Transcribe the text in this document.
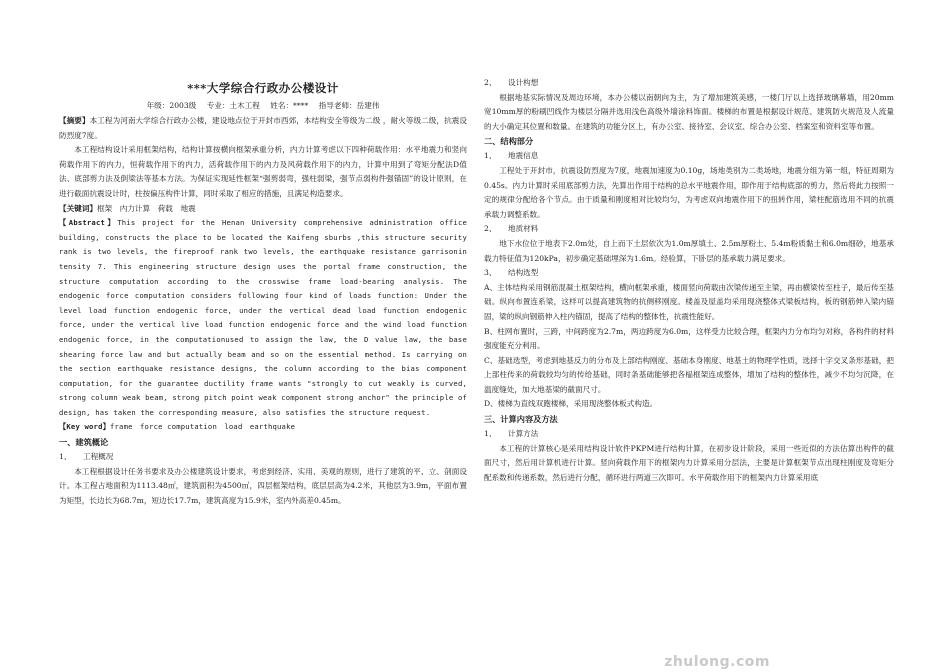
***大学综合行政办公楼设计
年级：2003级 专业：土木工程 姓名：**** 指导老师：岳建伟

【摘要】本工程为河南大学综合行政办公楼，建设地点位于开封市西郊，本结构安全等级为二级 ，耐火等级二级，抗震设防烈度7度。

本工程结构设计采用框架结构，结构计算按横向框架承重分析，内力计算考虑以下四种荷载作用：水平地震力和竖向荷载作用下的内力，恒荷载作用下的内力，活荷载作用下的内力及风荷载作用下的内力，计算中用到了弯矩分配法D值法、底部剪力法及倒梁法等基本方法。为保证实现延性框架“强剪弱弯，强柱弱梁，强节点弱构件强锚固”的设计原则，在进行截面抗震设计时，柱按偏压构件计算，同时采取了相应的措施，且满足构造要求。

【关键词】框架　内力计算　荷载　地震

【Abstract】This project for the Henan University comprehensive administration office building, constructs the place to be located the Kaifeng sburbs ,this structure security rank is two levels, the fireproof rank two levels, the earthquake resistance garrisonin tensity 7. This engineering structure design uses the portal frame construction, the structure computation according to the crosswise frame load-bearing analysis. The endogenic force computation considers following four kind of loads function: Under the level load function endogenic force, under the vertical dead load function endogenic force, under the vertical live load function endogenic force and the wind load function endogenic force, in the computationused to assign the law, the D value law, the base shearing force law and but actually beam and so on the essential method. Is carrying on the section earthquake resistance designs, the column according to the bias component computation, for the guarantee ductility frame wants "strongly to cut weakly is curved, strong column weak beam, strong pitch point weak component strong anchor" the principle of design, has taken the corresponding measure, also satisfies the structure request.

【Key word】frame　force computation　load　earthquake

一、建筑概论
1、 工程概况

本工程根据设计任务书要求及办公楼建筑设计要求，考虑到经济、实用、美观的原则，进行了建筑的平、立、剖面设计。本工程占地面积为1113.48㎡，建筑面积为4500㎡，四层框架结构，底层层高为4.2米，其他层为3.9m，平面布置为矩型，长边长为68.7m，短边长17.7m，建筑高度为15.9米，室内外高差0.45m。

2、 设计构想

根据地基实际情况及周边环境，本办公楼以南朝向为主，为了增加建筑美感，一楼门厅以上选择玻璃幕墙，用20mm宽10mm厚的粉刷凹线作为楼层分隔并选用浅色高级外墙涂料饰面。楼梯的布置是根据设计规范、建筑防火规范及人流量的大小确定其位置和数量。在建筑的功能分区上，有办公室、接待室、会议室、综合办公室、档案室和资料室等布置。

二、结构部分
1、 地震信息

工程处于开封市，抗震设防烈度为7度，地震加速度为0.10g，场地类别为二类场地，地震分组为第一组，特征周期为0.45s。内力计算时采用底部剪力法，先算出作用于结构的总水平地震作用，即作用于结构底部的剪力，然后将此力按照一定的规律分配给各个节点。由于质量和刚度相对比较均匀，为考虑双向地震作用下的扭转作用，梁柱配筋选用不同的抗震承载力调整系数。

2、 地质材料

地下水位位于地表下2.0m处，自上而下土层依次为1.0m厚填土、2.5m厚粉土、5.4m粉质黏土和6.0m细砂，地基承载力特征值为120kPa，初步确定基础埋深为1.6m。经验算，下卧层的基承载力满足要求。

3、 结构选型

A、主体结构采用钢筋混凝土框架结构，横向框架承重，楼面竖向荷载由次梁传递至主梁，再由横梁传至柱子，最后传至基础。纵向布置连系梁，这样可以提高建筑物的抗侧移刚度。楼盖及屋盖均采用现浇整体式梁板结构，板的钢筋伸入梁内锚固，梁的纵向钢筋伸入柱内锚固，提高了结构的整体性，抗震性能好。

B、柱网布置时，三跨，中间跨度为2.7m，两边跨度为6.0m，这样受力比较合理，框架内力分布均匀对称，各构件的材料强度能充分利用。

C、基础选型，考虑到地基反力的分布及上部结构刚度、基础本身刚度、地基土的物理学性质，选择十字交叉条形基础，把上部柱传来的荷载较均匀的传给基础，同时条基础能够把各榀框架连成整体，增加了结构的整体性，减少不均匀沉降，在温度缝处，加大地基梁的截面尺寸。

D、楼梯为直线双跑楼梯，采用现浇整体板式构造。

三、计算内容及方法
1、 计算方法

本工程的计算核心是采用结构设计软件PKPM进行结构计算，在初步设计阶段，采用一些近似的方法估算出构件的截面尺寸，然后用计算机进行计算。竖向荷载作用下的框架内力计算采用分层法，主要是计算框架节点出现柱刚度及弯矩分配系数和传递系数，然后进行分配，循环进行两道三次即可。水平荷载作用下的框架内力计算采用底

zhulong.com
